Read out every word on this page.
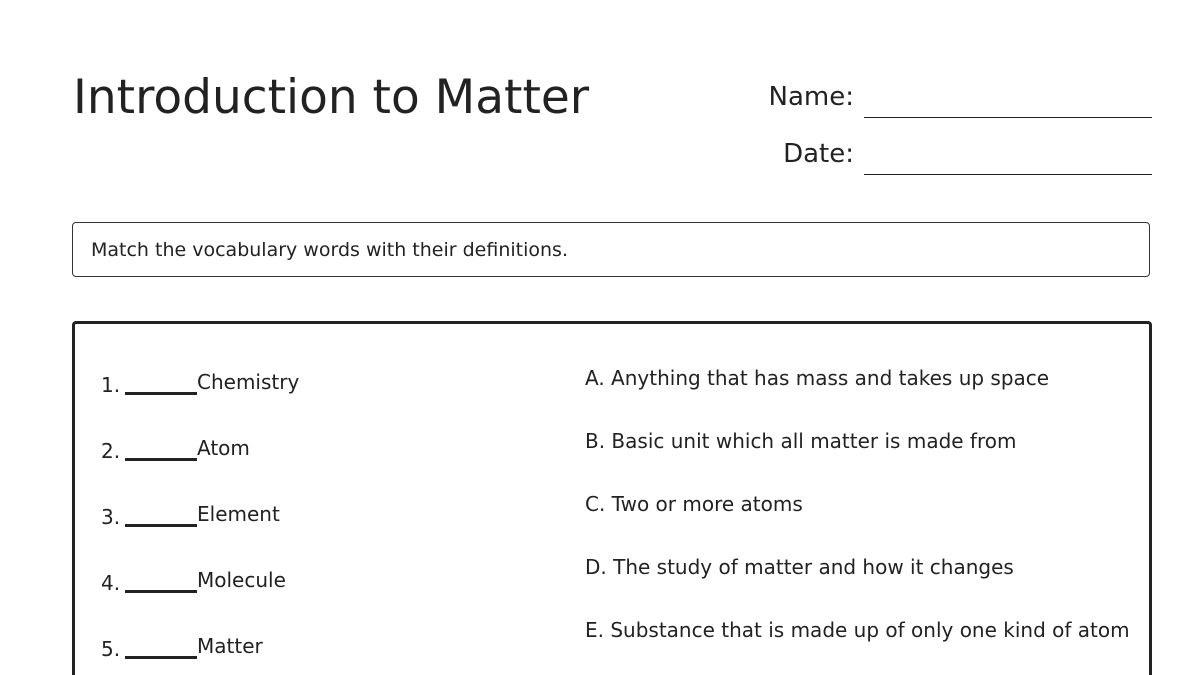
Introduction to Matter	Name:
Date:
Match the vocabulary words with their definitions.
1.	Chemistry
2.	Atom
3.	Element
4.	Molecule
5.	Matter
A. Anything that has mass and takes up space
B. Basic unit which all matter is made from
C. Two or more atoms
D. The study of matter and how it changes
E. Substance that is made up of only one kind of atom
